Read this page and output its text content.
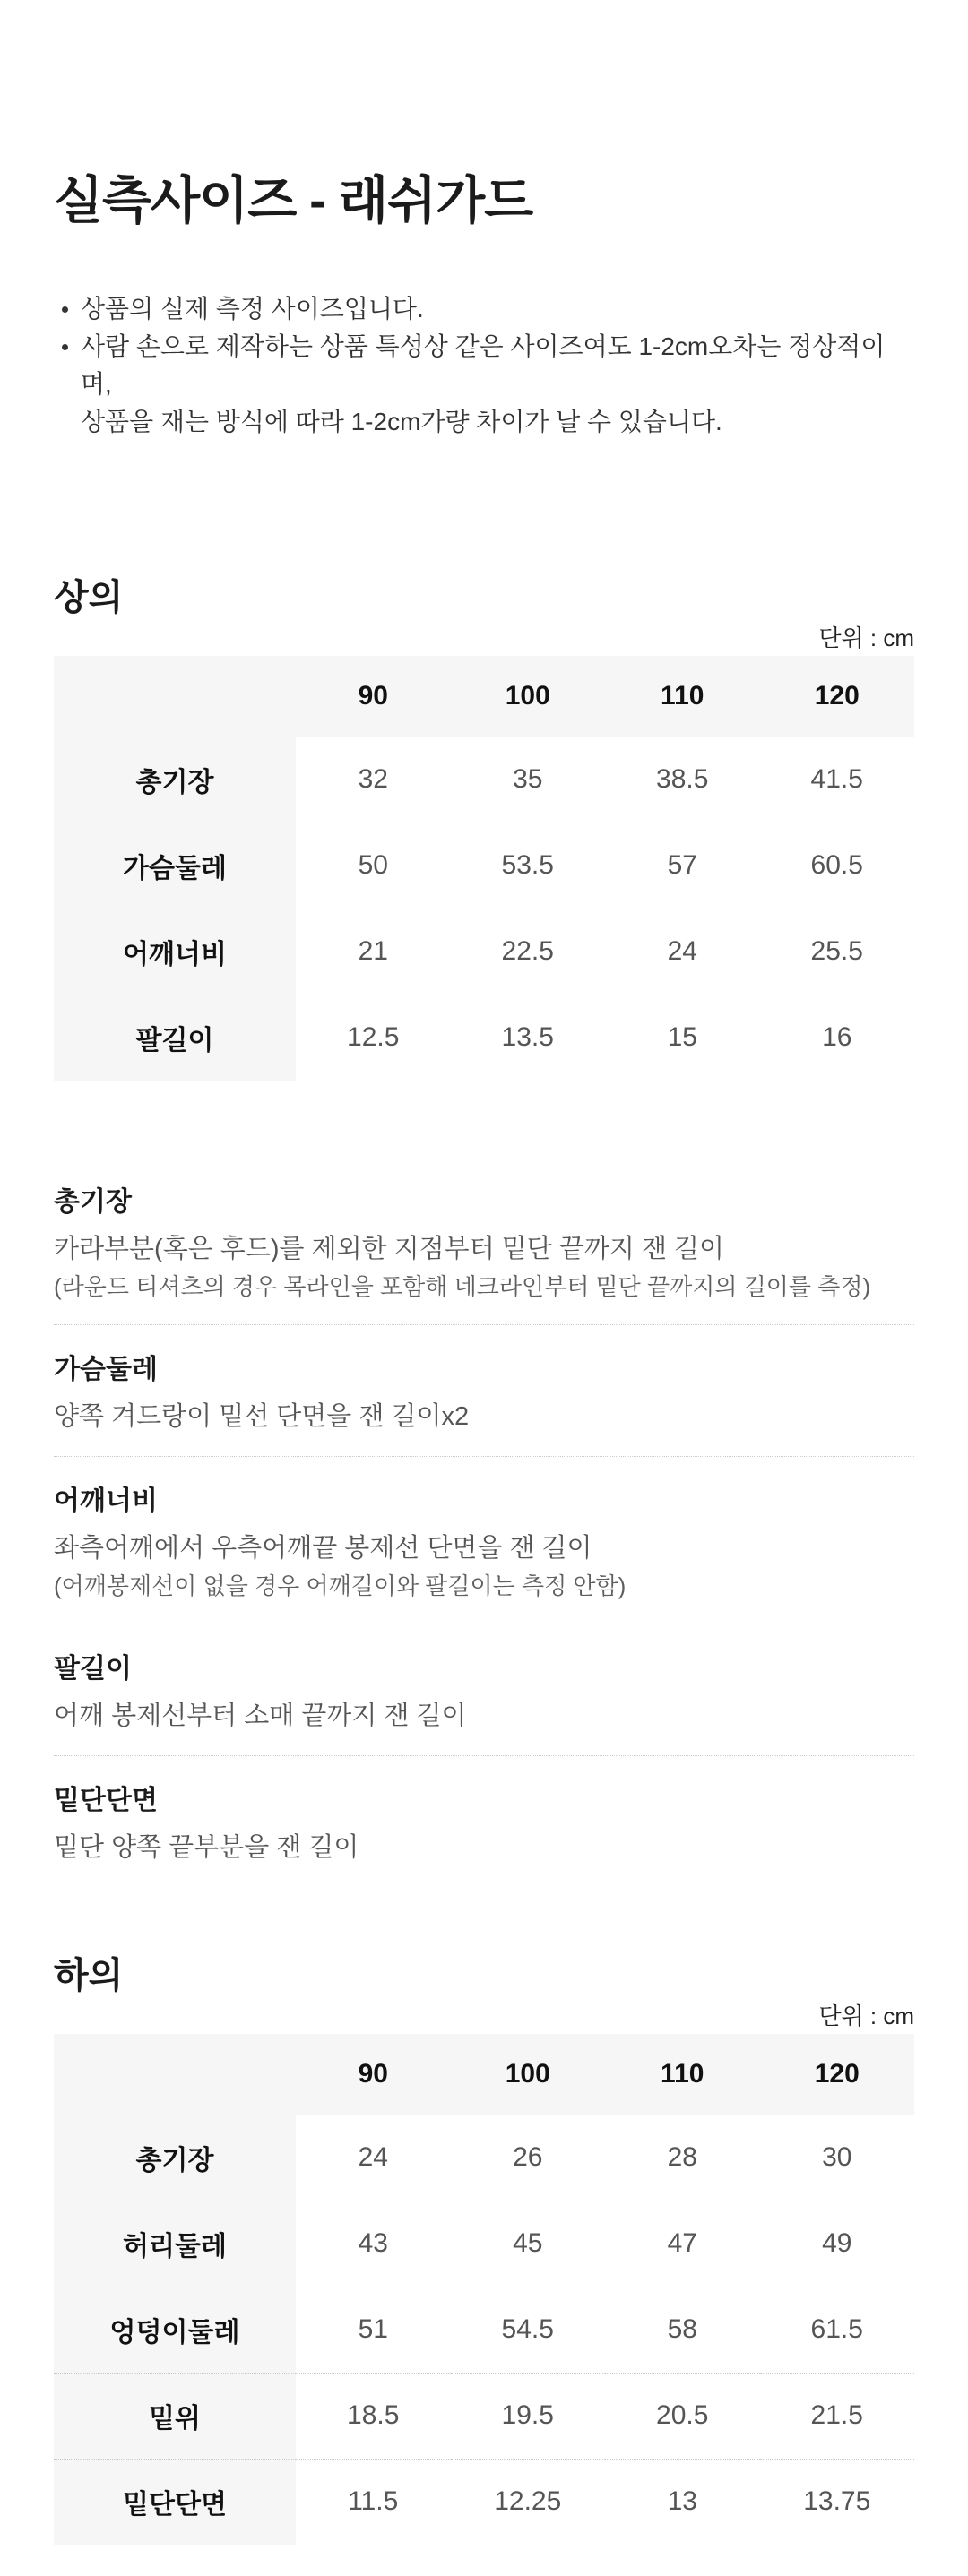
실측사이즈 - 래쉬가드
상품의 실제 측정 사이즈입니다.
사람 손으로 제작하는 상품 특성상 같은 사이즈여도 1-2cm오차는 정상적이며,
상품을 재는 방식에 따라 1-2cm가량 차이가 날 수 있습니다.
상의
단위 : cm
	90	100	110	120
총기장	32	35	38.5	41.5
가슴둘레	50	53.5	57	60.5
어깨너비	21	22.5	24	25.5
팔길이	12.5	13.5	15	16
총기장

카라부분(혹은 후드)를 제외한 지점부터 밑단 끝까지 잰 길이

(라운드 티셔츠의 경우 목라인을 포함해 네크라인부터 밑단 끝까지의 길이를 측정)

가슴둘레

양쪽 겨드랑이 밑선 단면을 잰 길이x2

어깨너비

좌측어깨에서 우측어깨끝 봉제선 단면을 잰 길이

(어깨봉제선이 없을 경우 어깨길이와 팔길이는 측정 안함)

팔길이

어깨 봉제선부터 소매 끝까지 잰 길이

밑단단면

밑단 양쪽 끝부분을 잰 길이

하의
단위 : cm
	90	100	110	120
총기장	24	26	28	30
허리둘레	43	45	47	49
엉덩이둘레	51	54.5	58	61.5
밑위	18.5	19.5	20.5	21.5
밑단단면	11.5	12.25	13	13.75
